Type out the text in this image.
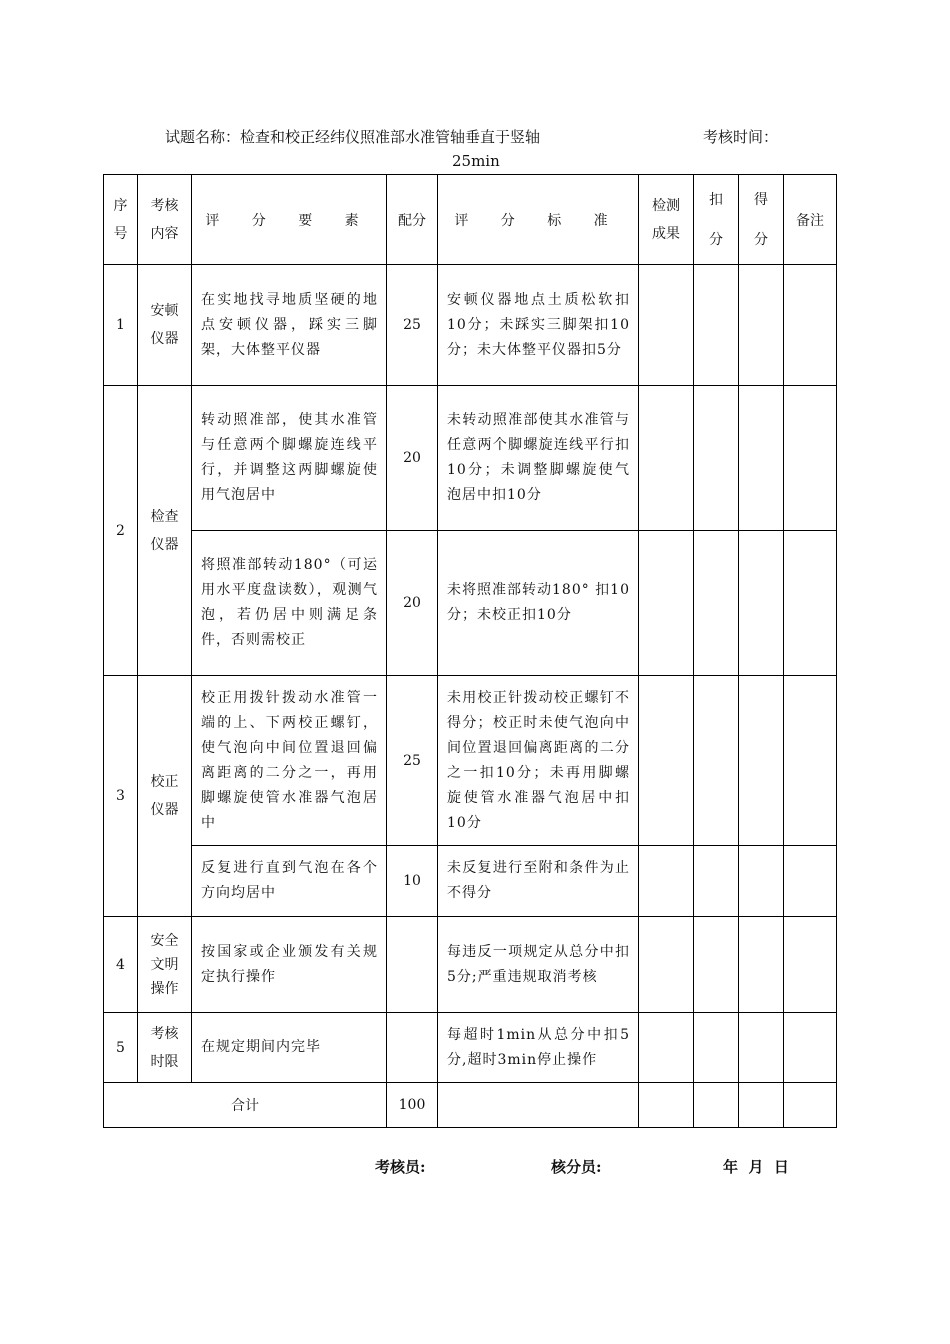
试题名称：检查和校正经纬仪照准部水准管轴垂直于竖轴	考核时间：
25min
序号	考核内容	评 分 要 素	配分	评 分 标 准	检测成果	扣分	得分	备注
1	安顿仪器	在实地找寻地质坚硬的地点安顿仪器，踩实三脚架，大体整平仪器	25	安顿仪器地点土质松软扣10分；未踩实三脚架扣10分；未大体整平仪器扣5分				
2	检查仪器	转动照准部，使其水准管与任意两个脚螺旋连线平行，并调整这两脚螺旋使用气泡居中	20	未转动照准部使其水准管与任意两个脚螺旋连线平行扣10分；未调整脚螺旋使气泡居中扣10分				
		将照准部转动180°（可运用水平度盘读数），观测气泡，若仍居中则满足条件，否则需校正	20	未将照准部转动180° 扣10分；未校正扣10分				
3	校正仪器	校正用拨针拨动水准管一端的上、下两校正螺钉，使气泡向中间位置退回偏离距离的二分之一，再用脚螺旋使管水准器气泡居中	25	未用校正针拨动校正螺钉不得分；校正时未使气泡向中间位置退回偏离距离的二分之一扣10分；未再用脚螺旋使管水准器气泡居中扣10分				
		反复进行直到气泡在各个方向均居中	10	未反复进行至附和条件为止不得分				
4	安全文明操作	按国家或企业颁发有关规定执行操作		每违反一项规定从总分中扣5分;严重违规取消考核				
5	考核时限	在规定期间内完毕		每超时1min从总分中扣5分,超时3min停止操作				
合计			100					
考核员:	核分员:	年  月  日
